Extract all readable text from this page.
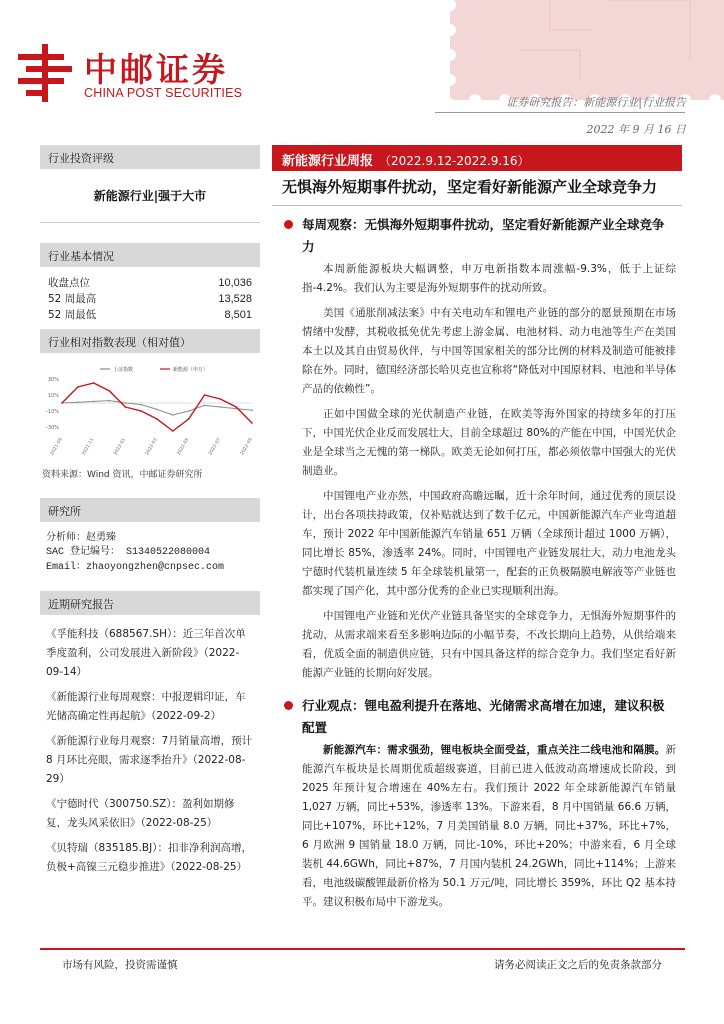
中邮证券
CHINA POST SECURITIES
证券研究报告：新能源行业|行业报告
2022 年 9 月 16 日
行业投资评级
新能源行业|强于大市
行业基本情况
收盘点位	10,036
52 周最高	13,528
52 周最低	8,501
行业相对指数表现（相对值）
30%
10%
-10%
-30%
2021-09	2021-11	2022-01	2022-03	2022-05	2022-07	2022-09
上证指数	新能源（申万）
资料来源：Wind 资讯，中邮证券研究所
研究所
分析师：赵勇臻
SAC 登记编号： S1340522080004
Email：zhaoyongzhen@cnpsec.com
近期研究报告
《孚能科技（688567.SH）：近三年首次单季度盈利，公司发展进入新阶段》（2022-09-14）
《新能源行业每周观察：中报逻辑印证，车光储高确定性再起航》（2022-09-2）
《新能源行业每月观察：7月销量高增，预计 8 月环比亮眼，需求逐季抬升》（2022-08-29）
《宁德时代（300750.SZ）：盈利如期修复，龙头风采依旧》（2022-08-25）
《贝特瑞（835185.BJ）：扣非净利润高增，负极+高镍三元稳步推进》（2022-08-25）
新能源行业周报 （2022.9.12-2022.9.16）
无惧海外短期事件扰动，坚定看好新能源产业全球竞争力
每周观察：无惧海外短期事件扰动，坚定看好新能源产业全球竞争力

本周新能源板块大幅调整，申万电新指数本周涨幅-9.3%，低于上证综指-4.2%。我们认为主要是海外短期事件的扰动所致。

美国《通胀削减法案》中有关电动车和锂电产业链的部分的愿景预期在市场情绪中发酵，其税收抵免优先考虑上游金属、电池材料、动力电池等生产在美国本土以及其自由贸易伙伴，与中国等国家相关的部分比例的材料及制造可能被排除在外。同时，德国经济部长哈贝克也宣称将“降低对中国原材料、电池和半导体产品的依赖性”。

正如中国做全球的光伏制造产业链，在欧美等海外国家的持续多年的打压下，中国光伏企业反而发展壮大，目前全球超过 80%的产能在中国，中国光伏企业是全球当之无愧的第一梯队。欧美无论如何打压，都必须依靠中国强大的光伏制造业。

中国锂电产业亦然，中国政府高瞻远瞩，近十余年时间，通过优秀的顶层设计，出台各项扶持政策，仅补贴就达到了数千亿元，中国新能源汽车产业弯道超车，预计 2022 年中国新能源汽车销量 651 万辆（全球预计超过 1000 万辆），同比增长 85%，渗透率 24%。同时，中国锂电产业链发展壮大，动力电池龙头宁德时代装机量连续 5 年全球装机量第一，配套的正负极隔膜电解液等产业链也都实现了国产化，其中部分优秀的企业已实现顺利出海。

中国锂电产业链和光伏产业链具备坚实的全球竞争力，无惧海外短期事件的扰动，从需求端来看至多影响边际的小幅节奏，不改长期向上趋势，从供给端来看，优质全面的制造供应链，只有中国具备这样的综合竞争力。我们坚定看好新能源产业链的长期向好发展。

行业观点：锂电盈利提升在落地、光储需求高增在加速，建议积极配置

新能源汽车：需求强劲，锂电板块全面受益，重点关注二线电池和隔膜。新能源汽车板块是长周期优质超级赛道，目前已进入低波动高增速成长阶段，到 2025 年预计复合增速在 40%左右。我们预计 2022 年全球新能源汽车销量 1,027 万辆，同比+53%，渗透率 13%。下游来看，8 月中国销量 66.6 万辆，同比+107%，环比+12%，7 月美国销量 8.0 万辆，同比+37%，环比+7%，6 月欧洲 9 国销量 18.0 万辆，同比-10%，环比+20%；中游来看，6 月全球装机 44.6GWh，同比+87%，7 月国内装机 24.2GWh，同比+114%；上游来看，电池级碳酸锂最新价格为 50.1 万元/吨，同比增长 359%，环比 Q2 基本持平。建议积极布局中下游龙头。

市场有风险，投资需谨慎	请务必阅读正文之后的免责条款部分
